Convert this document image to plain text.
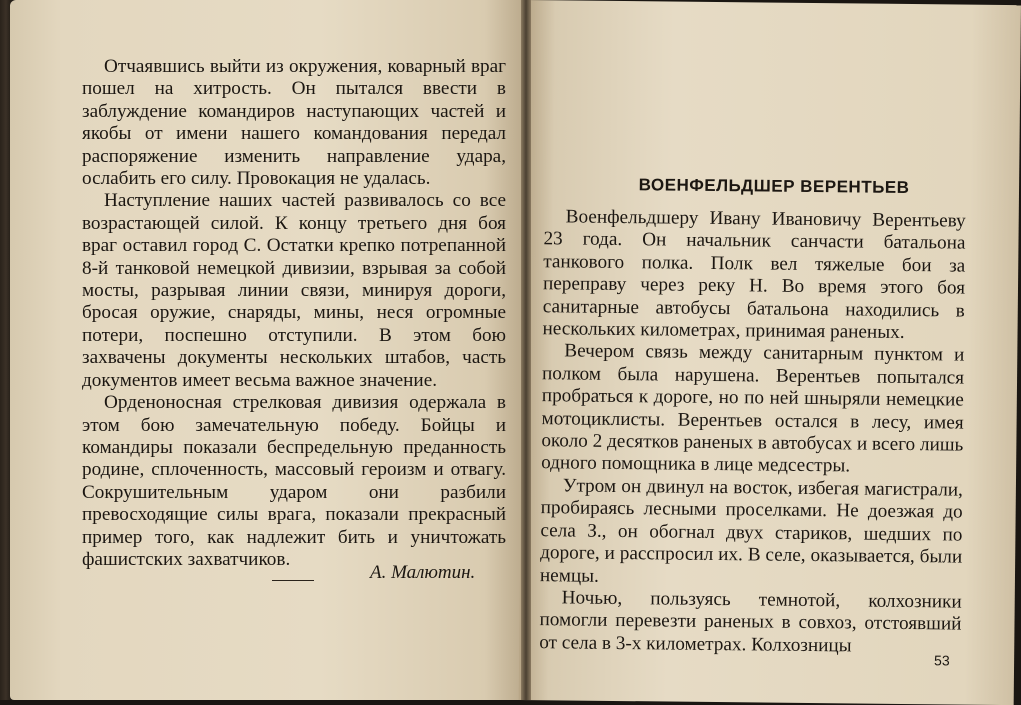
Отчаявшись выйти из окружения, коварный враг пошел на хитрость. Он пытался ввести в заблуждение командиров наступающих частей и якобы от имени нашего командования передал распоряжение изменить направление удара, ослабить его силу. Провокация не удалась.

Наступление наших частей развивалось со все возрастающей силой. К концу третьего дня боя враг оставил город С. Остатки крепко потрепанной 8-й танковой немецкой дивизии, взрывая за собой мосты, разрывая линии связи, минируя дороги, бросая оружие, снаряды, мины, неся огромные потери, поспешно отступили. В этом бою захвачены документы нескольких штабов, часть документов имеет весьма важное значение.

Орденоносная стрелковая дивизия одержала в этом бою замечательную победу. Бойцы и командиры показали беспредельную преданность родине, сплоченность, массовый героизм и отвагу. Сокрушительным ударом они разбили превосходящие силы врага, показали прекрасный пример того, как надлежит бить и уничтожать фашистских захватчиков.

А. Малютин.
ВОЕНФЕЛЬДШЕР ВЕРЕНТЬЕВ

Военфельдшеру Ивану Ивановичу Верентьеву 23 года. Он начальник санчасти батальона танкового полка. Полк вел тяжелые бои за переправу через реку Н. Во время этого боя санитарные автобусы батальона находились в нескольких километрах, принимая раненых.

Вечером связь между санитарным пунктом и полком была нарушена. Верентьев попытался пробраться к дороге, но по ней шныряли немецкие мотоциклисты. Верентьев остался в лесу, имея около 2 десятков раненых в автобусах и всего лишь одного помощника в лице медсестры.

Утром он двинул на восток, избегая магистрали, пробираясь лесными проселками. Не доезжая до села З., он обогнал двух стариков, шедших по дороге, и расспросил их. В селе, оказывается, были немцы.

Ночью, пользуясь темнотой, колхозники помогли перевезти раненых в совхоз, отстоявший от села в 3-х километрах. Колхозницы

53
